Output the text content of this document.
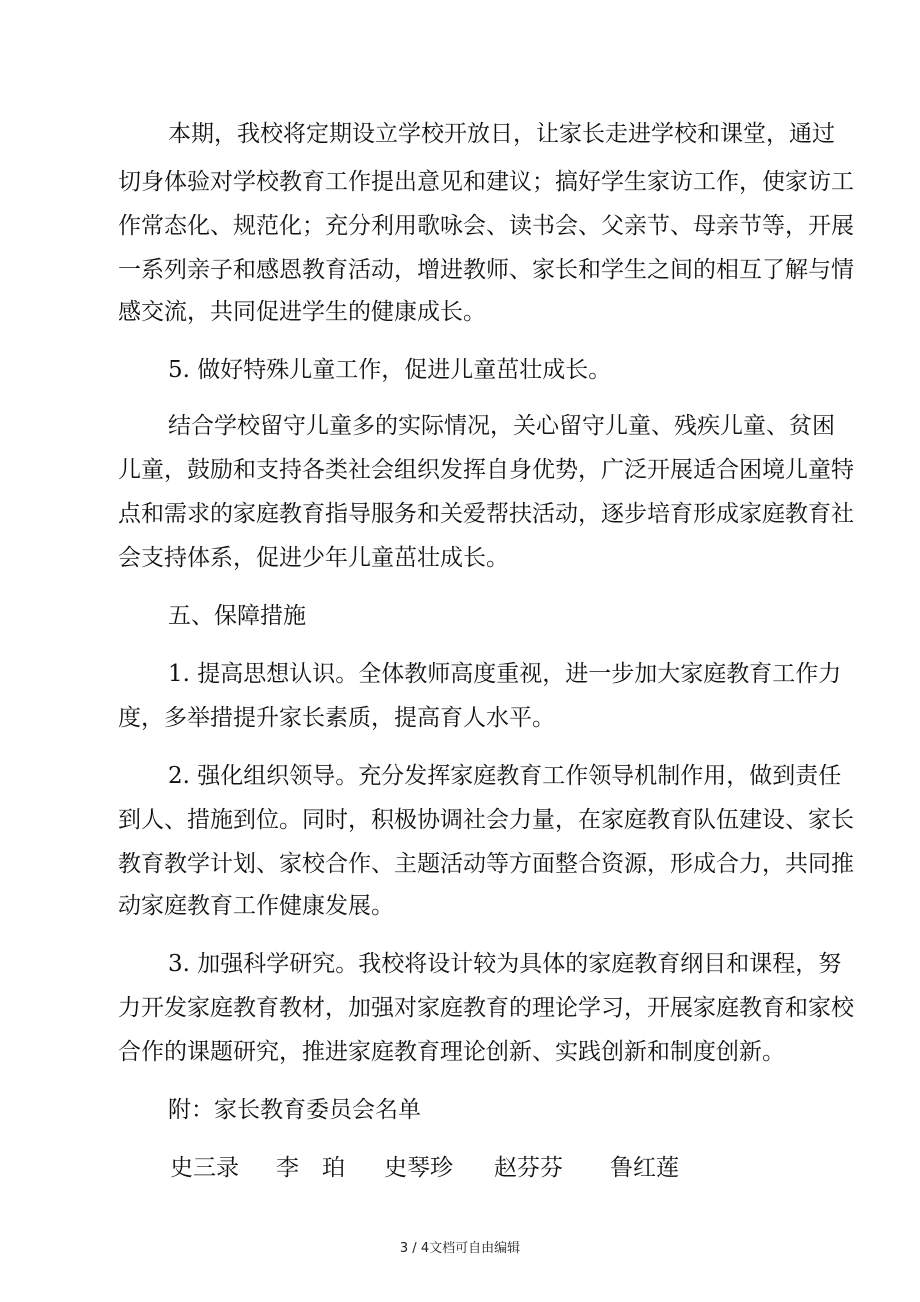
本期，我校将定期设立学校开放日，让家长走进学校和课堂，通过
切身体验对学校教育工作提出意见和建议；搞好学生家访工作，使家访工
作常态化、规范化；充分利用歌咏会、读书会、父亲节、母亲节等，开展
一系列亲子和感恩教育活动，增进教师、家长和学生之间的相互了解与情
感交流，共同促进学生的健康成长。
5. 做好特殊儿童工作，促进儿童茁壮成长。
结合学校留守儿童多的实际情况，关心留守儿童、残疾儿童、贫困
儿童，鼓励和支持各类社会组织发挥自身优势，广泛开展适合困境儿童特
点和需求的家庭教育指导服务和关爱帮扶活动，逐步培育形成家庭教育社
会支持体系，促进少年儿童茁壮成长。
五、保障措施
1. 提高思想认识。全体教师高度重视，进一步加大家庭教育工作力
度，多举措提升家长素质，提高育人水平。
2. 强化组织领导。充分发挥家庭教育工作领导机制作用，做到责任
到人、措施到位。同时，积极协调社会力量，在家庭教育队伍建设、家长
教育教学计划、家校合作、主题活动等方面整合资源，形成合力，共同推
动家庭教育工作健康发展。
3. 加强科学研究。我校将设计较为具体的家庭教育纲目和课程，努
力开发家庭教育教材，加强对家庭教育的理论学习，开展家庭教育和家校
合作的课题研究，推进家庭教育理论创新、实践创新和制度创新。
附：家长教育委员会名单
史三录 李　珀 史琴珍 赵芬芬 鲁红莲
3 / 4文档可自由编辑
